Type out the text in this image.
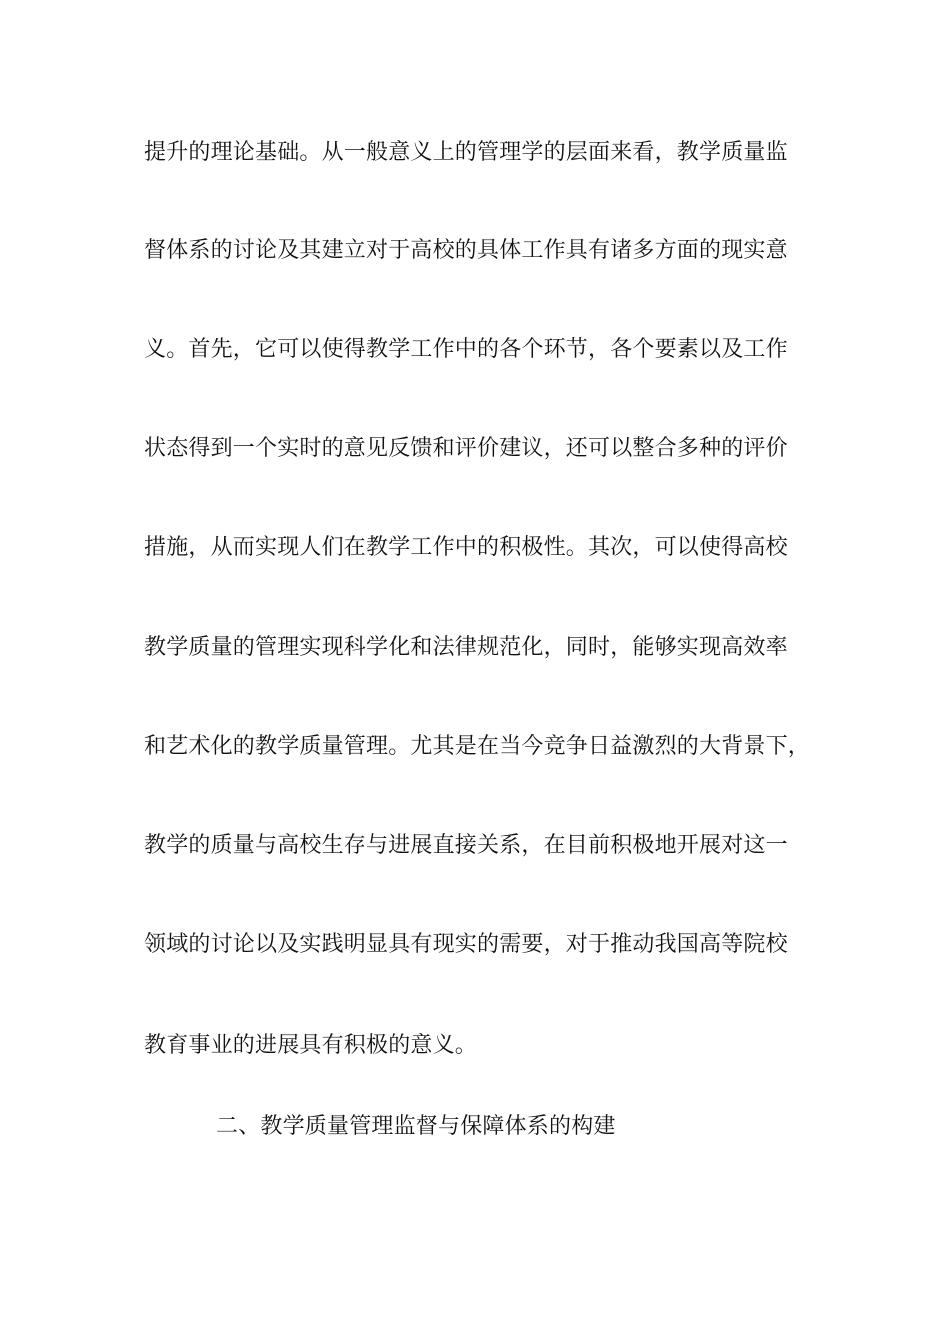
提升的理论基础。从一般意义上的管理学的层面来看，教学质量监
督体系的讨论及其建立对于高校的具体工作具有诸多方面的现实意
义。首先，它可以使得教学工作中的各个环节，各个要素以及工作
状态得到一个实时的意见反馈和评价建议，还可以整合多种的评价
措施，从而实现人们在教学工作中的积极性。其次，可以使得高校
教学质量的管理实现科学化和法律规范化，同时，能够实现高效率
和艺术化的教学质量管理。尤其是在当今竞争日益激烈的大背景下，
教学的质量与高校生存与进展直接关系，在目前积极地开展对这一
领域的讨论以及实践明显具有现实的需要，对于推动我国高等院校
教育事业的进展具有积极的意义。
二、教学质量管理监督与保障体系的构建
